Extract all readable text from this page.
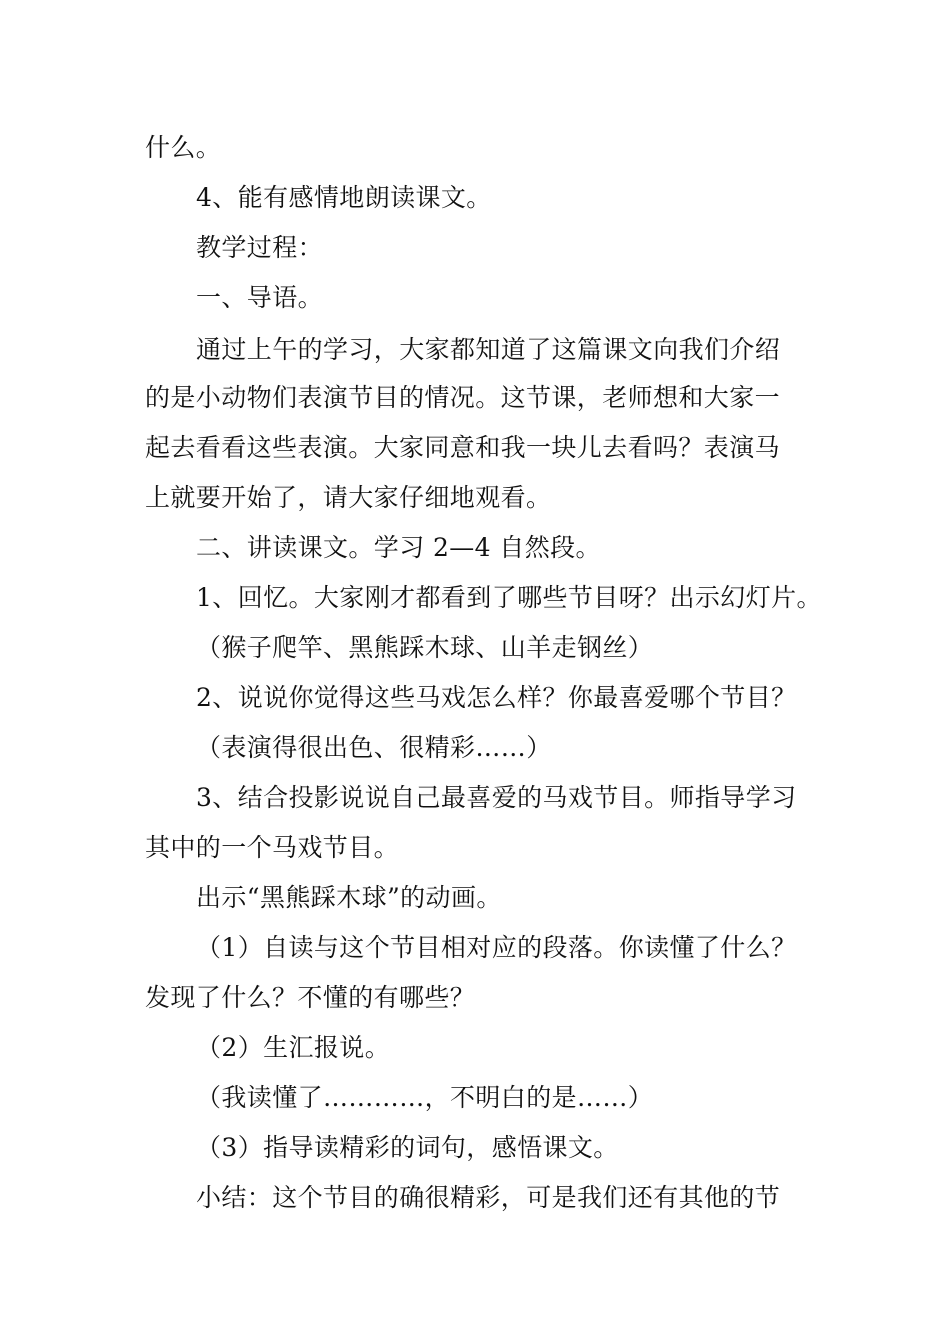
什么。
4、能有感情地朗读课文。
教学过程：
一、导语。
通过上午的学习，大家都知道了这篇课文向我们介绍
的是小动物们表演节目的情况。这节课，老师想和大家一
起去看看这些表演。大家同意和我一块儿去看吗？表演马
上就要开始了，请大家仔细地观看。
二、讲读课文。学习 2—4 自然段。
1、回忆。大家刚才都看到了哪些节目呀？出示幻灯片。
（猴子爬竿、黑熊踩木球、山羊走钢丝）
2、说说你觉得这些马戏怎么样？你最喜爱哪个节目？
（表演得很出色、很精彩……）
3、结合投影说说自己最喜爱的马戏节目。师指导学习
其中的一个马戏节目。
出示“黑熊踩木球”的动画。
（1）自读与这个节目相对应的段落。你读懂了什么？
发现了什么？不懂的有哪些？
（2）生汇报说。
（我读懂了…………，不明白的是……）
（3）指导读精彩的词句，感悟课文。
小结：这个节目的确很精彩，可是我们还有其他的节
